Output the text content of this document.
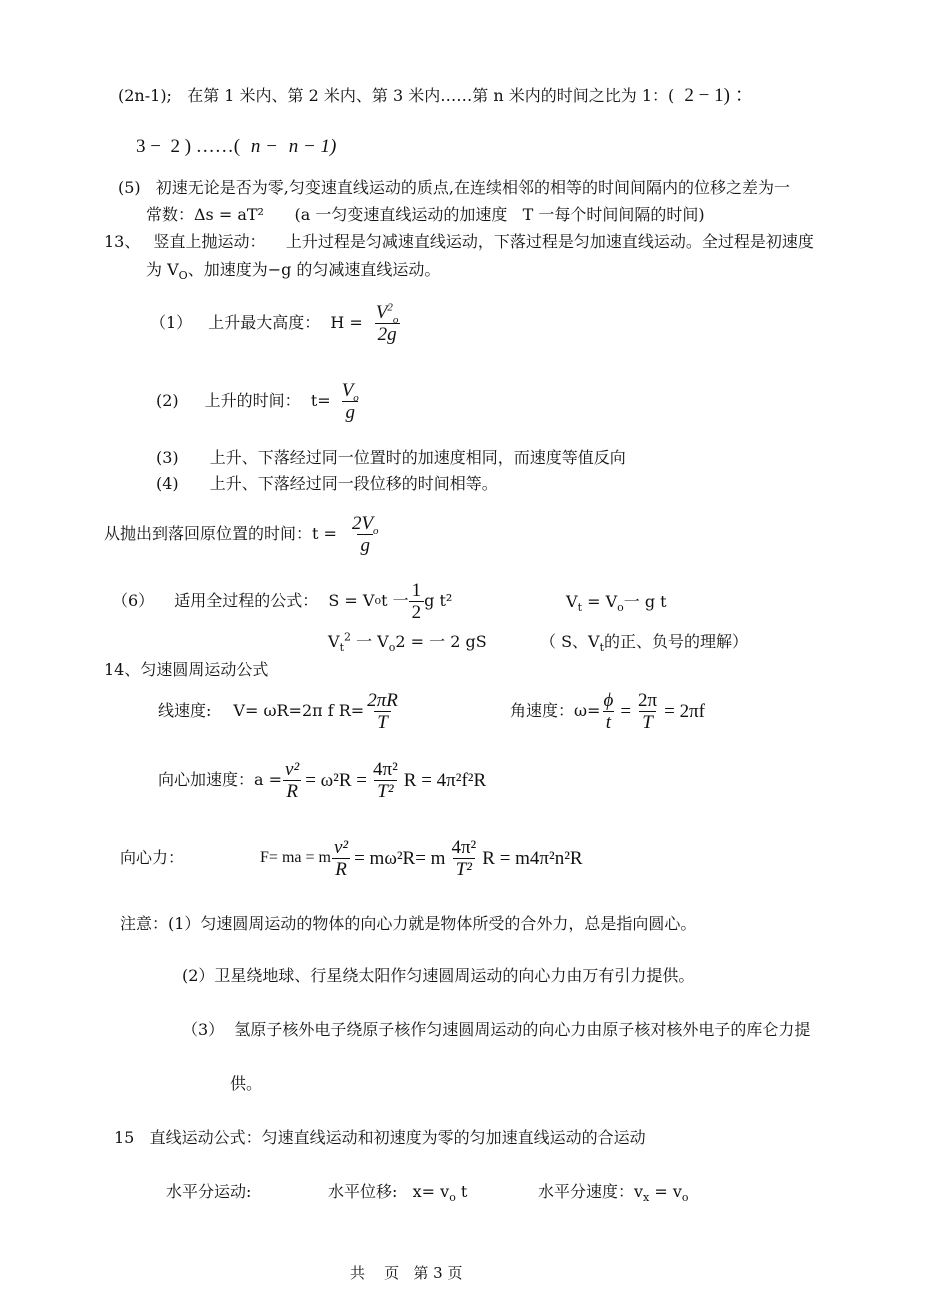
(2n-1);   在第 1 米内、第 2 米内、第 3 米内……第 n 米内的时间之比为 1：(  2 − 1) ：
3 −  2 ) ……( n − n − 1)
(5) 初速无论是否为零,匀变速直线运动的质点,在连续相邻的相等的时间间隔内的位移之差为一
常数：Δs = aT²      (a 一匀变速直线运动的加速度   T 一每个时间间隔的时间)
13、 竖直上抛运动：    上升过程是匀减速直线运动，下落过程是匀加速直线运动。全过程是初速度
为 $V_O$、加速度为−g 的匀减速直线运动。
（1） 上升最大高度：  $H = \frac{V^2_o}{2g}$
(2) 上升的时间：  $t= \frac{V_o}{g}$
(3) 上升、下落经过同一位置时的加速度相同，而速度等值反向
(4) 上升、下落经过同一段位移的时间相等。
从抛出到落回原位置的时间：$t = \frac{2V_o}{g}$
（6） 适用全过程的公式：  S = V o t 一 $\frac{1}{2}$ g t²	$V_t = V_o$一 g t
$V_t^2$ 一 $V_o2$ = 一 2 gS	（ S、$V_t$的正、负号的理解）
14、匀速圆周运动公式
线速度: V= ωR=2π f $R= \frac{2\pi R}{T}$	角速度：$\omega= \frac{\phi}{t} = \frac{2\pi}{T} = 2\pi f$
向心加速度：$a = \frac{\text{v²}}{R} = \omega^2R = \frac{\text{4π²}}{\text{T²}}$ R = 4π²f²R
向心力：	F= ma = m $\frac{\text{v²}}{R} = m\omega^2R= m \frac{\text{4π²}}{\text{T²}}$ R = m4π²n²R
注意：(1）匀速圆周运动的物体的向心力就是物体所受的合外力，总是指向圆心。
(2）卫星绕地球、行星绕太阳作匀速圆周运动的向心力由万有引力提供。
（3）  氢原子核外电子绕原子核作匀速圆周运动的向心力由原子核对核外电子的库仑力提
供。
15   直线运动公式：匀速直线运动和初速度为零的匀加速直线运动的合运动
水平分运动:	水平位移:   $x= v_o$ t	水平分速度：$v_x = v_o$
共    页   第 3 页
